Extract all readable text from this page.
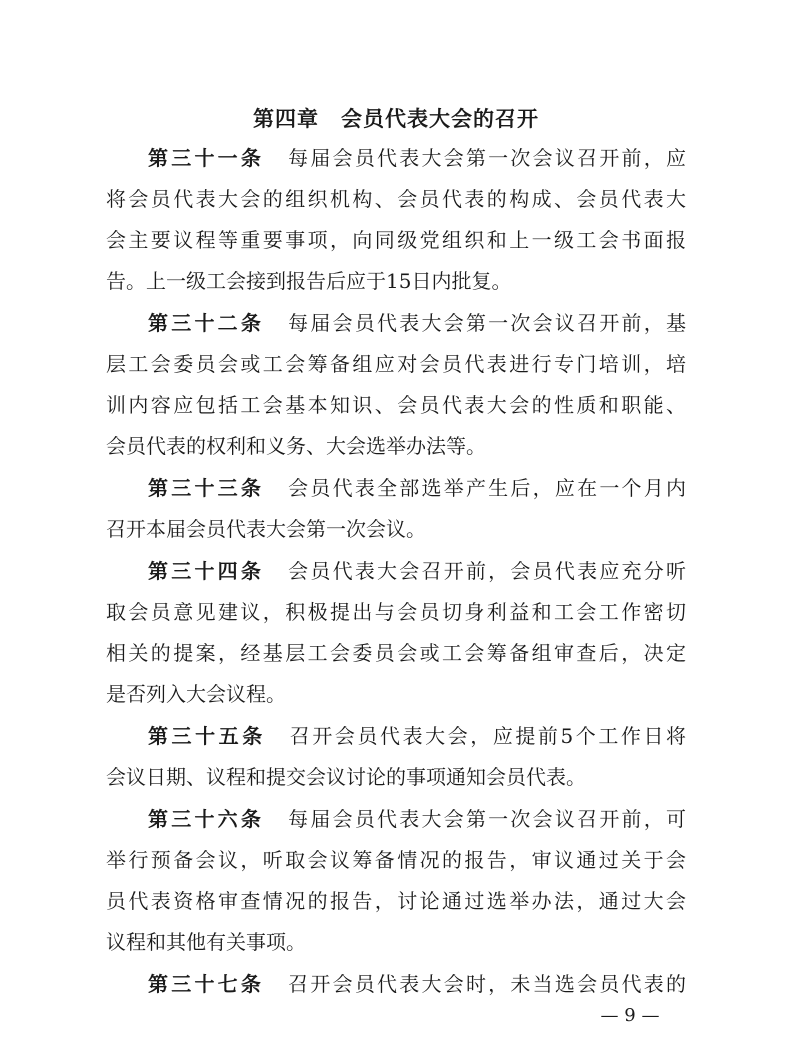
第四章　会员代表大会的召开
第三十一条 每届会员代表大会第一次会议召开前，应
将会员代表大会的组织机构、会员代表的构成、会员代表大
会主要议程等重要事项，向同级党组织和上一级工会书面报
告。上一级工会接到报告后应于15日内批复。
第三十二条 每届会员代表大会第一次会议召开前，基
层工会委员会或工会筹备组应对会员代表进行专门培训，培
训内容应包括工会基本知识、会员代表大会的性质和职能、
会员代表的权利和义务、大会选举办法等。
第三十三条 会员代表全部选举产生后，应在一个月内
召开本届会员代表大会第一次会议。
第三十四条 会员代表大会召开前，会员代表应充分听
取会员意见建议，积极提出与会员切身利益和工会工作密切
相关的提案，经基层工会委员会或工会筹备组审查后，决定
是否列入大会议程。
第三十五条 召开会员代表大会，应提前5个工作日将
会议日期、议程和提交会议讨论的事项通知会员代表。
第三十六条 每届会员代表大会第一次会议召开前，可
举行预备会议，听取会议筹备情况的报告，审议通过关于会
员代表资格审查情况的报告，讨论通过选举办法，通过大会
议程和其他有关事项。
第三十七条 召开会员代表大会时，未当选会员代表的
— 9 —
